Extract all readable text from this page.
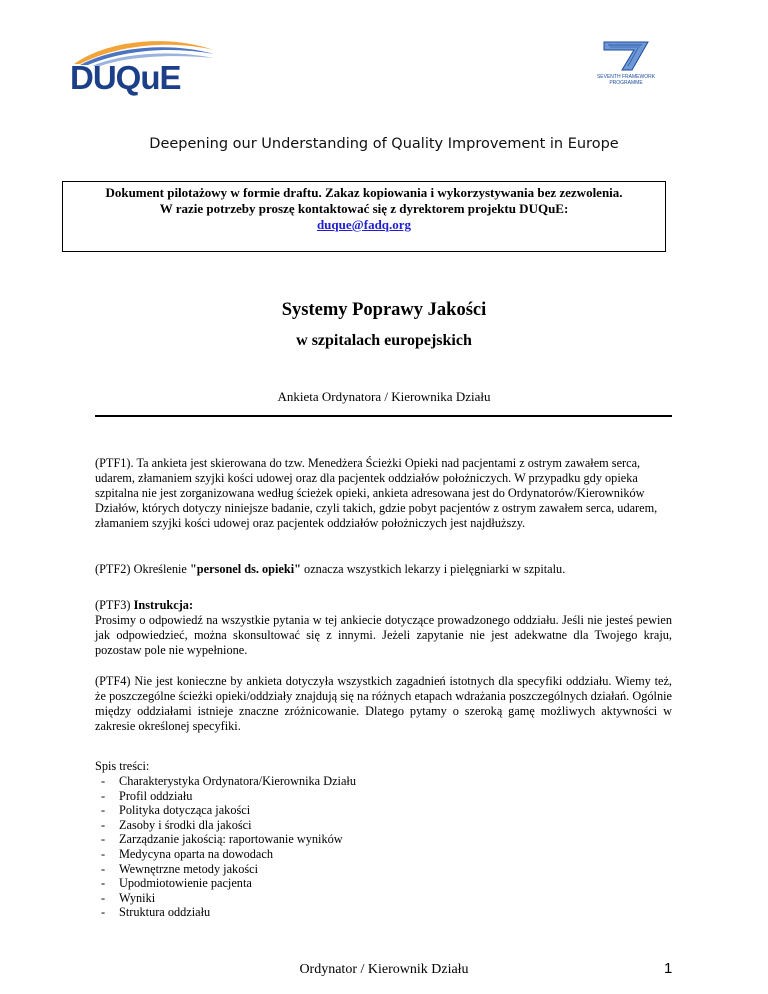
DUQuE	SEVENTH FRAMEWORK PROGRAMME
Deepening our Understanding of Quality Improvement in Europe
Dokument pilotażowy w formie draftu. Zakaz kopiowania i wykorzystywania bez zezwolenia.
W razie potrzeby proszę kontaktować się z dyrektorem projektu DUQuE:
duque@fadq.org
Systemy Poprawy Jakości
w szpitalach europejskich
Ankieta Ordynatora / Kierownika Działu
(PTF1). Ta ankieta jest skierowana do tzw. Menedżera Ścieżki Opieki nad pacjentami z ostrym zawałem serca, udarem, złamaniem szyjki kości udowej oraz dla pacjentek oddziałów położniczych. W przypadku gdy opieka szpitalna nie jest zorganizowana według ścieżek opieki, ankieta adresowana jest do Ordynatorów/Kierowników Działów, których dotyczy niniejsze badanie, czyli takich, gdzie pobyt pacjentów z ostrym zawałem serca, udarem, złamaniem szyjki kości udowej oraz pacjentek oddziałów położniczych jest najdłuższy.
(PTF2) Określenie "personel ds. opieki" oznacza wszystkich lekarzy i pielęgniarki w szpitalu.
(PTF3) Instrukcja:
Prosimy o odpowiedź na wszystkie pytania w tej ankiecie dotyczące prowadzonego oddziału. Jeśli nie jesteś pewien jak odpowiedzieć, można skonsultować się z innymi. Jeżeli zapytanie nie jest adekwatne dla Twojego kraju, pozostaw pole nie wypełnione.
(PTF4) Nie jest konieczne by ankieta dotyczyła wszystkich zagadnień istotnych dla specyfiki oddziału. Wiemy też, że poszczególne ścieżki opieki/oddziały znajdują się na różnych etapach wdrażania poszczególnych działań. Ogólnie między oddziałami istnieje znaczne zróżnicowanie. Dlatego pytamy o szeroką gamę możliwych aktywności w zakresie określonej specyfiki.
Spis treści:
- Charakterystyka Ordynatora/Kierownika Działu
- Profil oddziału
- Polityka dotycząca jakości
- Zasoby i środki dla jakości
- Zarządzanie jakością: raportowanie wyników
- Medycyna oparta na dowodach
- Wewnętrzne metody jakości
- Upodmiotowienie pacjenta
- Wyniki
- Struktura oddziału
Ordynator / Kierownik Działu	1
